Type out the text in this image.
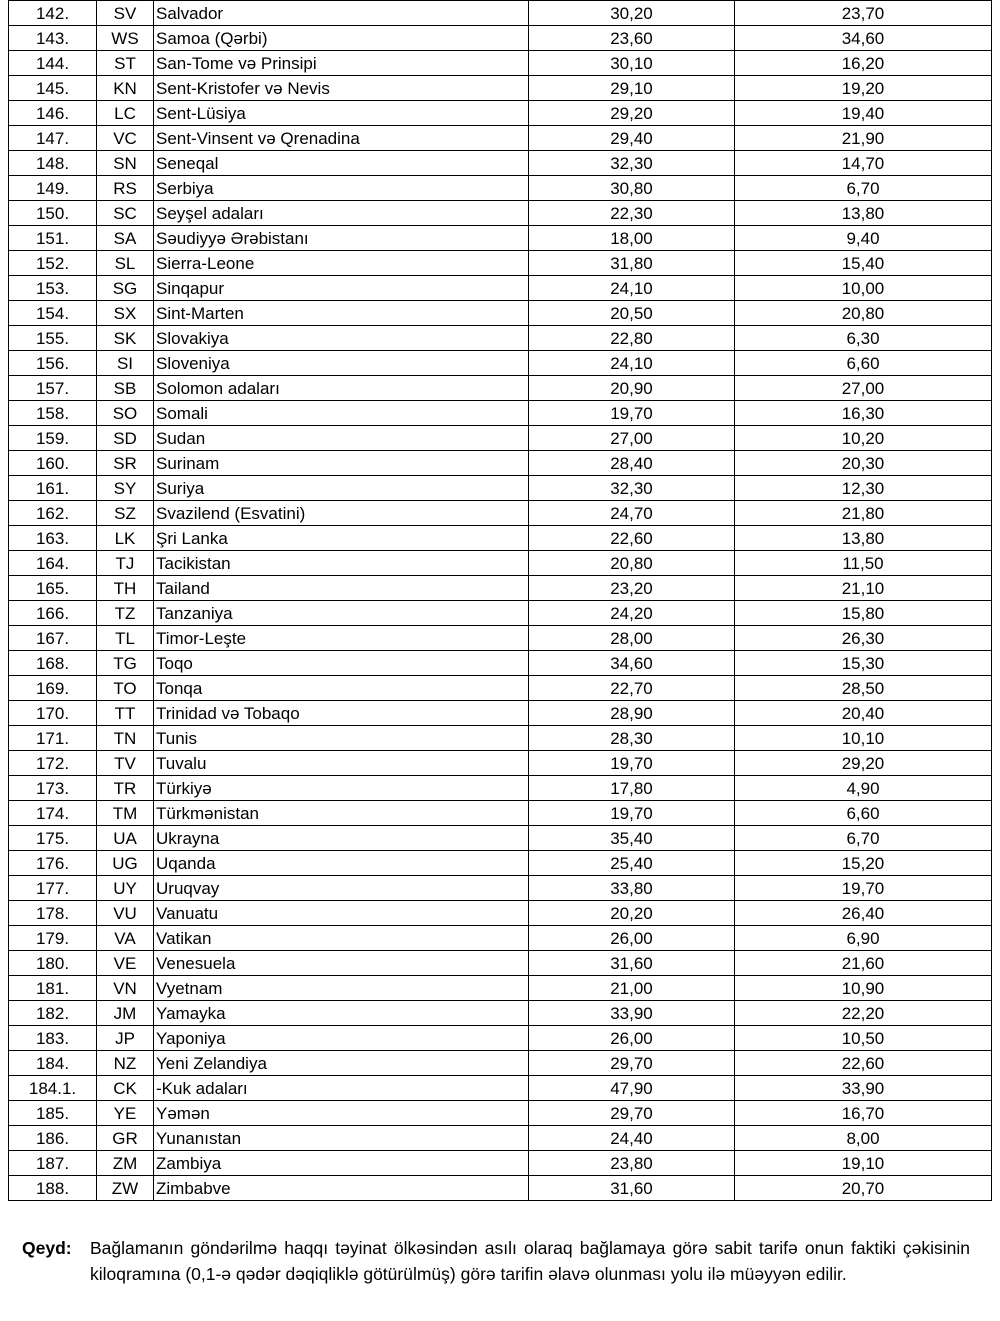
142.	SV	Salvador	30,20	23,70
143.	WS	Samoa (Qərbi)	23,60	34,60
144.	ST	San-Tome və Prinsipi	30,10	16,20
145.	KN	Sent-Kristofer və Nevis	29,10	19,20
146.	LC	Sent-Lüsiya	29,20	19,40
147.	VC	Sent-Vinsent və Qrenadina	29,40	21,90
148.	SN	Seneqal	32,30	14,70
149.	RS	Serbiya	30,80	6,70
150.	SC	Seyşel adaları	22,30	13,80
151.	SA	Səudiyyə Ərəbistanı	18,00	9,40
152.	SL	Sierra-Leone	31,80	15,40
153.	SG	Sinqapur	24,10	10,00
154.	SX	Sint-Marten	20,50	20,80
155.	SK	Slovakiya	22,80	6,30
156.	SI	Sloveniya	24,10	6,60
157.	SB	Solomon adaları	20,90	27,00
158.	SO	Somali	19,70	16,30
159.	SD	Sudan	27,00	10,20
160.	SR	Surinam	28,40	20,30
161.	SY	Suriya	32,30	12,30
162.	SZ	Svazilend (Esvatini)	24,70	21,80
163.	LK	Şri Lanka	22,60	13,80
164.	TJ	Tacikistan	20,80	11,50
165.	TH	Tailand	23,20	21,10
166.	TZ	Tanzaniya	24,20	15,80
167.	TL	Timor-Leşte	28,00	26,30
168.	TG	Toqo	34,60	15,30
169.	TO	Tonqa	22,70	28,50
170.	TT	Trinidad və Tobaqo	28,90	20,40
171.	TN	Tunis	28,30	10,10
172.	TV	Tuvalu	19,70	29,20
173.	TR	Türkiyə	17,80	4,90
174.	TM	Türkmənistan	19,70	6,60
175.	UA	Ukrayna	35,40	6,70
176.	UG	Uqanda	25,40	15,20
177.	UY	Uruqvay	33,80	19,70
178.	VU	Vanuatu	20,20	26,40
179.	VA	Vatikan	26,00	6,90
180.	VE	Venesuela	31,60	21,60
181.	VN	Vyetnam	21,00	10,90
182.	JM	Yamayka	33,90	22,20
183.	JP	Yaponiya	26,00	10,50
184.	NZ	Yeni Zelandiya	29,70	22,60
184.1.	CK	-Kuk adaları	47,90	33,90
185.	YE	Yəmən	29,70	16,70
186.	GR	Yunanıstan	24,40	8,00
187.	ZM	Zambiya	23,80	19,10
188.	ZW	Zimbabve	31,60	20,70
Qeyd:	Bağlamanın göndərilmə haqqı təyinat ölkəsindən asılı olaraq bağlamaya görə sabit tarifə onun faktiki çəkisinin kiloqramına (0,1-ə qədər dəqiqliklə götürülmüş) görə tarifin əlavə olunması yolu ilə müəyyən edilir.
